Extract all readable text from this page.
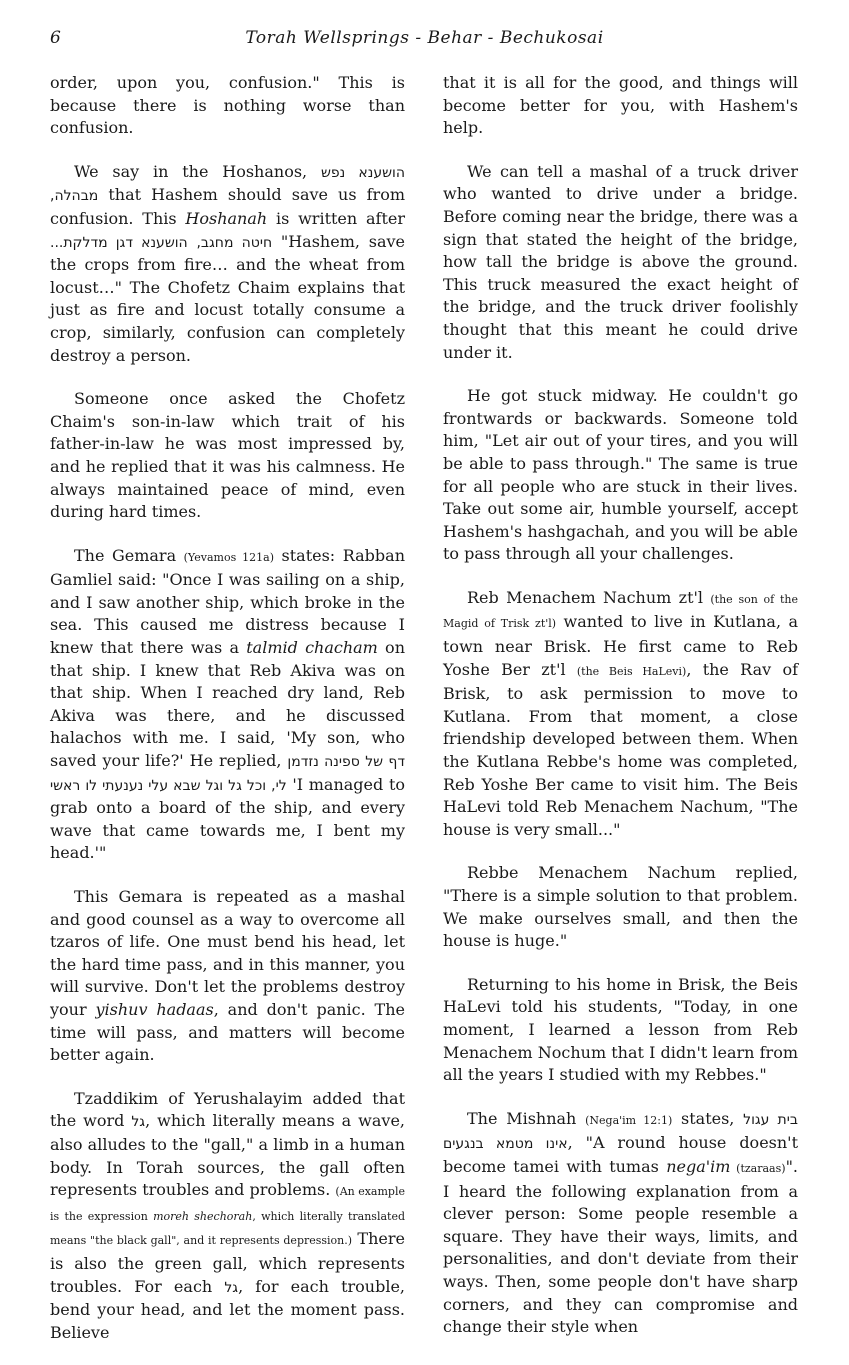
6	Torah Wellsprings - Behar - Bechukosai

order, upon you, confusion." This is because there is nothing worse than confusion.

We say in the Hoshanos, הושענא נפש מבהלה, that Hashem should save us from confusion. This Hoshanah is written after הושענא דגן מדלקת... חיטה מחגב, "Hashem, save the crops from fire… and the wheat from locust…" The Chofetz Chaim explains that just as fire and locust totally consume a crop, similarly, confusion can completely destroy a person.

Someone once asked the Chofetz Chaim's son-in-law which trait of his father-in-law he was most impressed by, and he replied that it was his calmness. He always maintained peace of mind, even during hard times.

The Gemara (Yevamos 121a) states: Rabban Gamliel said: "Once I was sailing on a ship, and I saw another ship, which broke in the sea. This caused me distress because I knew that there was a talmid chacham on that ship. I knew that Reb Akiva was on that ship. When I reached dry land, Reb Akiva was there, and he discussed halachos with me. I said, 'My son, who saved your life?' He replied, דף של ספינה נזדמן לי, וכל גל וגל שבא עלי נענעתי לו ראשי 'I managed to grab onto a board of the ship, and every wave that came towards me, I bent my head.'"

This Gemara is repeated as a mashal and good counsel as a way to overcome all tzaros of life. One must bend his head, let the hard time pass, and in this manner, you will survive. Don't let the problems destroy your yishuv hadaas, and don't panic. The time will pass, and matters will become better again.

Tzaddikim of Yerushalayim added that the word גל, which literally means a wave, also alludes to the "gall," a limb in a human body. In Torah sources, the gall often represents troubles and problems. (An example is the expression moreh shechorah, which literally translated means "the black gall", and it represents depression.) There is also the green gall, which represents troubles. For each גל, for each trouble, bend your head, and let the moment pass. Believe

that it is all for the good, and things will become better for you, with Hashem's help.

We can tell a mashal of a truck driver who wanted to drive under a bridge. Before coming near the bridge, there was a sign that stated the height of the bridge, how tall the bridge is above the ground. This truck measured the exact height of the bridge, and the truck driver foolishly thought that this meant he could drive under it.

He got stuck midway. He couldn't go frontwards or backwards. Someone told him, "Let air out of your tires, and you will be able to pass through." The same is true for all people who are stuck in their lives. Take out some air, humble yourself, accept Hashem's hashgachah, and you will be able to pass through all your challenges.

Reb Menachem Nachum zt'l (the son of the Magid of Trisk zt'l) wanted to live in Kutlana, a town near Brisk. He first came to Reb Yoshe Ber zt'l (the Beis HaLevi), the Rav of Brisk, to ask permission to move to Kutlana. From that moment, a close friendship developed between them. When the Kutlana Rebbe's home was completed, Reb Yoshe Ber came to visit him. The Beis HaLevi told Reb Menachem Nachum, "The house is very small..."

Rebbe Menachem Nachum replied, "There is a simple solution to that problem. We make ourselves small, and then the house is huge."

Returning to his home in Brisk, the Beis HaLevi told his students, "Today, in one moment, I learned a lesson from Reb Menachem Nochum that I didn't learn from all the years I studied with my Rebbes."

The Mishnah (Nega'im 12:1) states, בית עגול אינו מטמא בנגעים, "A round house doesn't become tamei with tumas nega'im (tzaraas)". I heard the following explanation from a clever person: Some people resemble a square. They have their ways, limits, and personalities, and don't deviate from their ways. Then, some people don't have sharp corners, and they can compromise and change their style when
